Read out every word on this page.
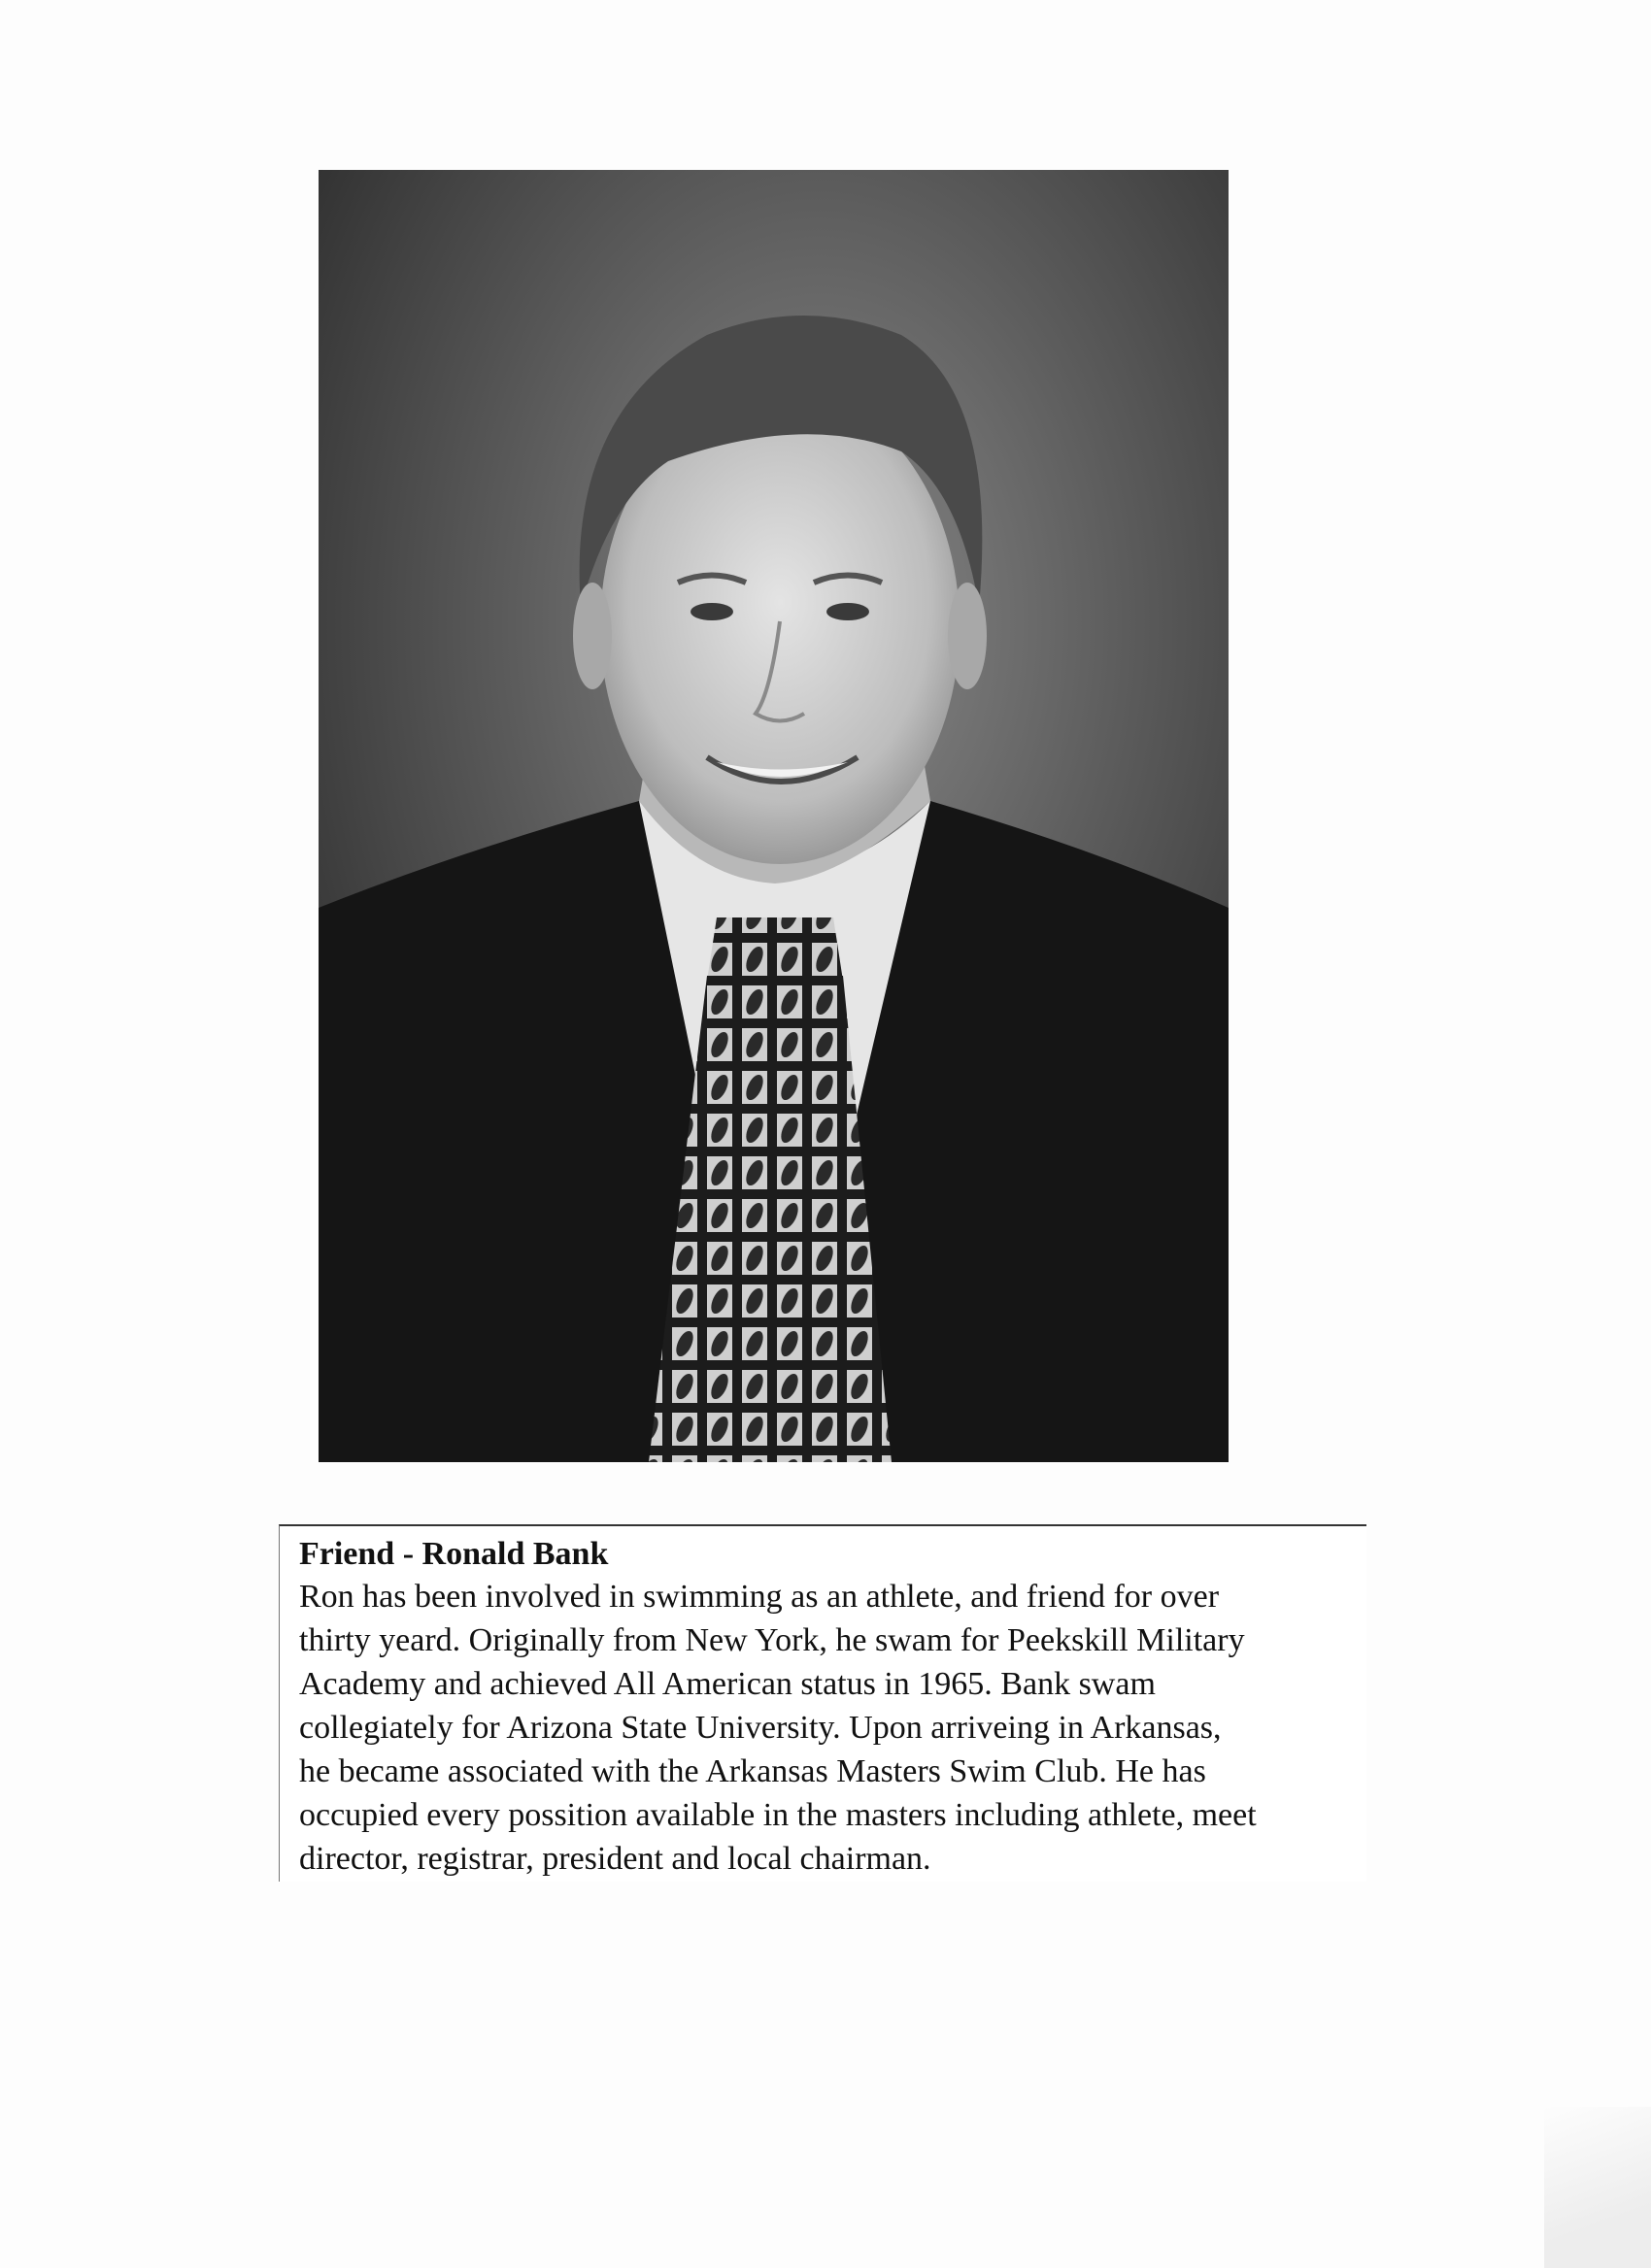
Friend - Ronald Bank

Ron has been involved in swimming as an athlete, and friend for over
thirty yeard. Originally from New York, he swam for Peekskill Military
Academy and achieved All American status in 1965. Bank swam
collegiately for Arizona State University. Upon arriveing in Arkansas,
he became associated with the Arkansas Masters Swim Club. He has
occupied every possition available in the masters including athlete, meet
director, registrar, president and local chairman.
